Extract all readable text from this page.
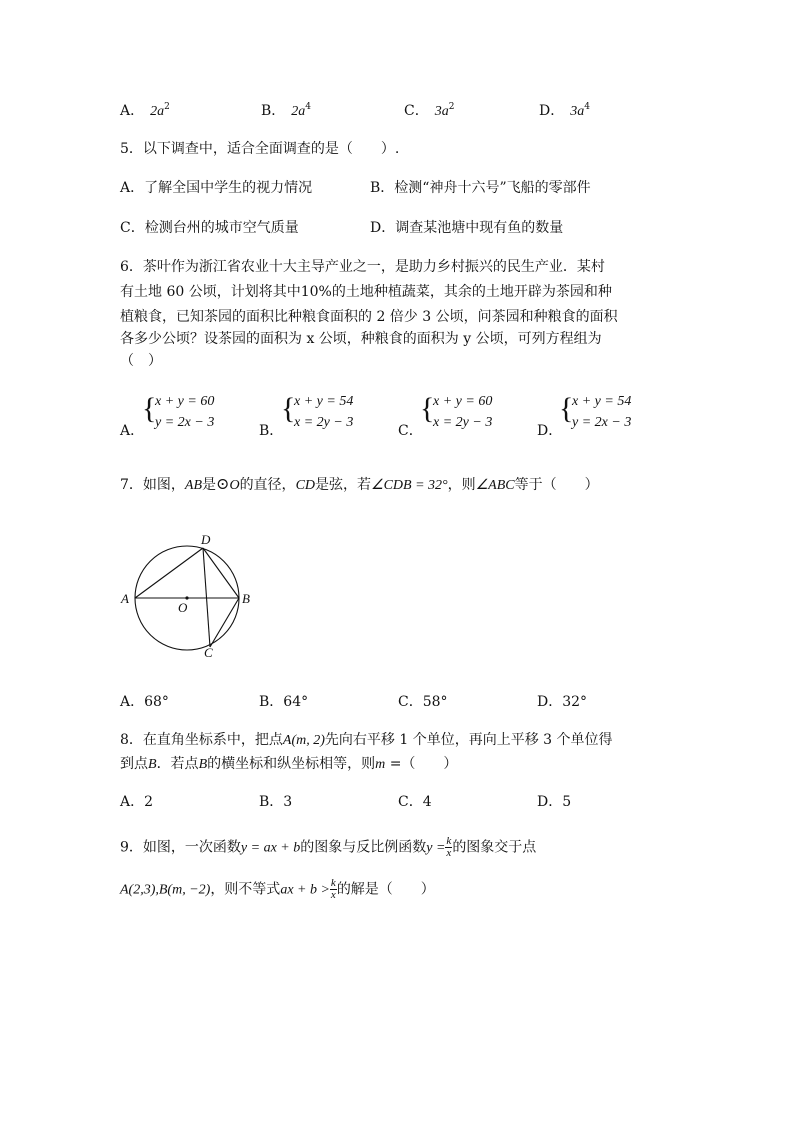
A． $2a^2$	B． $2a^4$	C． $3a^2$	D． $3a^4$
5．以下调查中，适合全面调查的是（　　）.
A．了解全国中学生的视力情况	B．检测“神舟十六号”飞船的零部件
C．检测台州的城市空气质量	D．调查某池塘中现有鱼的数量
6．茶叶作为浙江省农业十大主导产业之一，是助力乡村振兴的民生产业．某村
有土地 60 公顷，计划将其中10%的土地种植蔬菜，其余的土地开辟为茶园和种
植粮食，已知茶园的面积比种粮食面积的 2 倍少 3 公顷，问茶园和种粮食的面积
各多少公顷？设茶园的面积为 x 公顷，种粮食的面积为 y 公顷，可列方程组为
（　）
A．
{
x + y = 60
y = 2x − 3
B．
{
x + y = 54
x = 2y − 3
C．
{
x + y = 60
x = 2y − 3
D．
{
x + y = 54
y = 2x − 3
7．如图，AB是⊙O的直径，CD是弦，若∠CDB = 32°，则∠ABC等于（　　）
A	B
C
D
O
A．68°	B．64°	C．58°	D．32°
8．在直角坐标系中，把点A(m, 2)先向右平移 1 个单位，再向上平移 3 个单位得
到点B．若点B的横坐标和纵坐标相等，则m =（　　）
A．2	B．3	C．4	D．5
9．如图，一次函数y = ax + b的图象与反比例函数$y = \frac{k}{x}$ 的图象交于点
A(2,3),B(m, −2)，则不等式ax + $b > \frac{k}{x}$ 的解是（　　）
